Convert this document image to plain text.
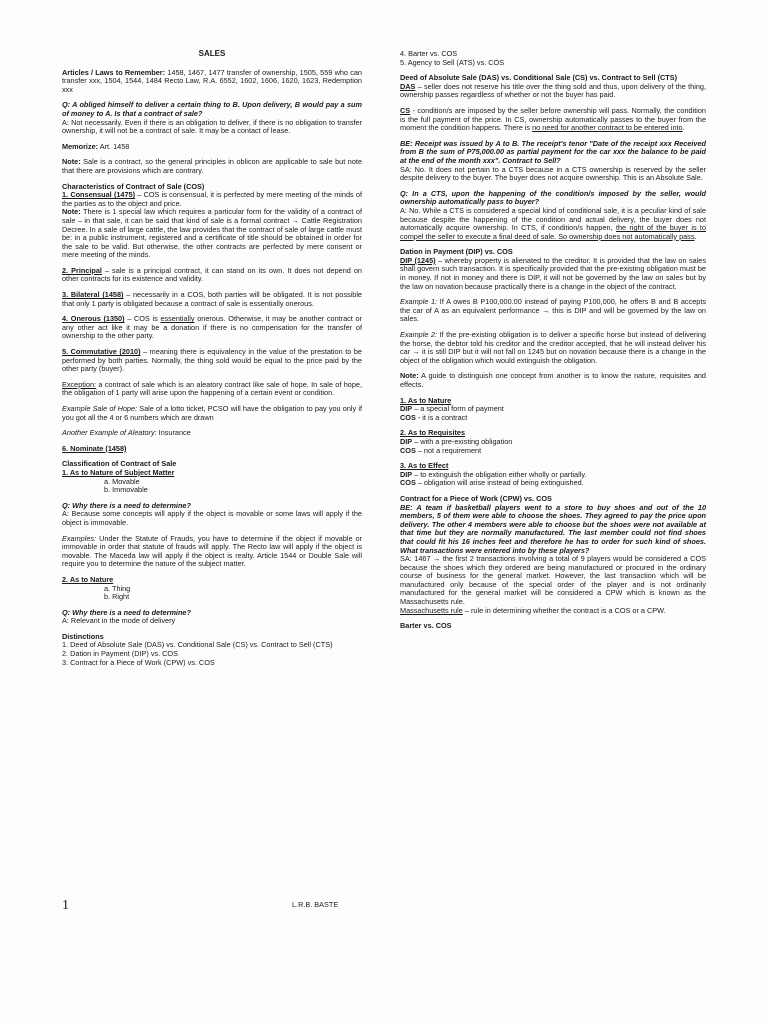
SALES

Articles / Laws to Remember: 1458, 1467, 1477 transfer of ownership, 1505, 559 who can transfer xxx, 1504, 1544, 1484 Recto Law, R.A. 6552, 1602, 1606, 1620, 1623, Redemption xxx

Q: A obliged himself to deliver a certain thing to B. Upon delivery, B would pay a sum of money to A. Is that a contract of sale?

A: Not necessarily. Even if there is an obligation to deliver, if there is no obligation to transfer ownership, it will not be a contract of sale. It may be a contact of lease.

Memorize: Art. 1458

Note: Sale is a contract, so the general principles in oblicon are applicable to sale but note that there are provisions which are contrary.

Characteristics of Contract of Sale (COS)

1. Consensual (1475) – COS is consensual, it is perfected by mere meeting of the minds of the parties as to the object and price.

Note: There is 1 special law which requires a particular form for the validity of a contract of sale – in that sale, it can be said that kind of sale is a formal contract → Cattle Registration Decree. In a sale of large cattle, the law provides that the contract of sale of large cattle must be: in a public instrument, registered and a certificate of title should be obtained in order for the sale to be valid. But otherwise, the other contracts are perfected by mere consent or mere meeting of the minds.

2. Principal – sale is a principal contract, it can stand on its own. It does not depend on other contracts for its existence and validity.

3. Bilateral (1458) – necessarily in a COS, both parties will be obligated. It is not possible that only 1 party is obligated because a contract of sale is essentially onerous.

4. Onerous (1350) – COS is essentially onerous. Otherwise, it may be another contract or any other act like it may be a donation if there is no compensation for the transfer of ownership to the other party.

5. Commutative (2010) – meaning there is equivalency in the value of the prestation to be performed by both parties. Normally, the thing sold would be equal to the price paid by the other party (buyer).

Exception: a contract of sale which is an aleatory contract like sale of hope. In sale of hope, the obligation of 1 party will arise upon the happening of a certain event or condition.

Example Sale of Hope: Sale of a lotto ticket, PCSO will have the obligation to pay you only if you got all the 4 or 6 numbers which are drawn

Another Example of Aleatory: Insurance

6. Nominate (1458)

Classification of Contract of Sale

1. As to Nature of Subject Matter

a. Movable

b. Immovable

Q: Why there is a need to determine?

A: Because some concepts will apply if the object is movable or some laws will apply if the object is immovable.

Examples: Under the Statute of Frauds, you have to determine if the object if movable or immovable in order that statute of frauds will apply. The Recto law will apply if the object is movable. The Maceda law will apply if the object is realty. Article 1544 or Double Sale will require you to determine the nature of the subject matter.

2. As to Nature

a. Thing

b. Right

Q: Why there is a need to determine?

A: Relevant in the mode of delivery

Distinctions

1. Deed of Absolute Sale (DAS) vs. Conditional Sale (CS) vs. Contract to Sell (CTS)

2. Dation in Payment (DIP) vs. COS

3. Contract for a Piece of Work (CPW) vs. COS

4. Barter vs. COS

5. Agency to Sell (ATS) vs. COS

Deed of Absolute Sale (DAS) vs. Conditional Sale (CS) vs. Contract to Sell (CTS)

DAS – seller does not reserve his title over the thing sold and thus, upon delivery of the thing, ownership passes regardless of whether or not the buyer has paid.

CS - condition/s are imposed by the seller before ownership will pass. Normally, the condition is the full payment of the price. In CS, ownership automatically passes to the buyer from the moment the condition happens. There is no need for another contract to be entered into.

BE: Receipt was issued by A to B. The receipt's tenor "Date of the receipt xxx Received from B the sum of P75,000.00 as partial payment for the car xxx the balance to be paid at the end of the month xxx". Contract to Sell?

SA: No. It does not pertain to a CTS because in a CTS ownership is reserved by the seller despite delivery to the buyer. The buyer does not acquire ownership. This is an Absolute Sale.

Q: In a CTS, upon the happening of the condition/s imposed by the seller, would ownership automatically pass to buyer?

A: No. While a CTS is considered a special kind of conditional sale, it is a peculiar kind of sale because despite the happening of the condition and actual delivery, the buyer does not automatically acquire ownership. In CTS, if condition/s happen, the right of the buyer is to compel the seller to execute a final deed of sale. So ownership does not automatically pass.

Dation in Payment (DIP) vs. COS

DIP (1245) – whereby property is alienated to the creditor. It is provided that the law on sales shall govern such transaction. It is specifically provided that the pre-existing obligation must be in money. If not in money and there is DIP, it will not be governed by the law on sales but by the law on novation because practically there is a change in the object of the contract.

Example 1: If A owes B P100,000.00 instead of paying P100,000, he offers B and B accepts the car of A as an equivalent performance → this is DIP and will be governed by the law on sales.

Example 2: If the pre-existing obligation is to deliver a specific horse but instead of delivering the horse, the debtor told his creditor and the creditor accepted, that he will instead deliver his car → it is still DIP but it will not fall on 1245 but on novation because there is a change in the object of the obligation which would extinguish the obligation.

Note: A guide to distinguish one concept from another is to know the nature, requisites and effects.

1. As to Nature

DIP – a special form of payment

COS - it is a contract

2. As to Requisites

DIP – with a pre-existing obligation

COS – not a requirement

3. As to Effect

DIP – to extinguish the obligation either wholly or partially.

COS – obligation will arise instead of being extinguished.

Contract for a Piece of Work (CPW) vs. COS

BE: A team if basketball players went to a store to buy shoes and out of the 10 members, 5 of them were able to choose the shoes. They agreed to pay the price upon delivery. The other 4 members were able to choose but the shoes were not available at that time but they are normally manufactured. The last member could not find shoes that could fit his 16 inches feet and therefore he has to order for such kind of shoes. What transactions were entered into by these players?

SA: 1467 → the first 2 transactions involving a total of 9 players would be considered a COS because the shoes which they ordered are being manufactured or procured in the ordinary course of business for the general market. However, the last transaction which will be manufactured only because of the special order of the player and is not ordinarily manufactured for the general market will be considered a CPW which is known as the Massachusetts rule.

Massachusetts rule – rule in determining whether the contract is a COS or a CPW.

Barter vs. COS

1	L.R.B. BASTE
